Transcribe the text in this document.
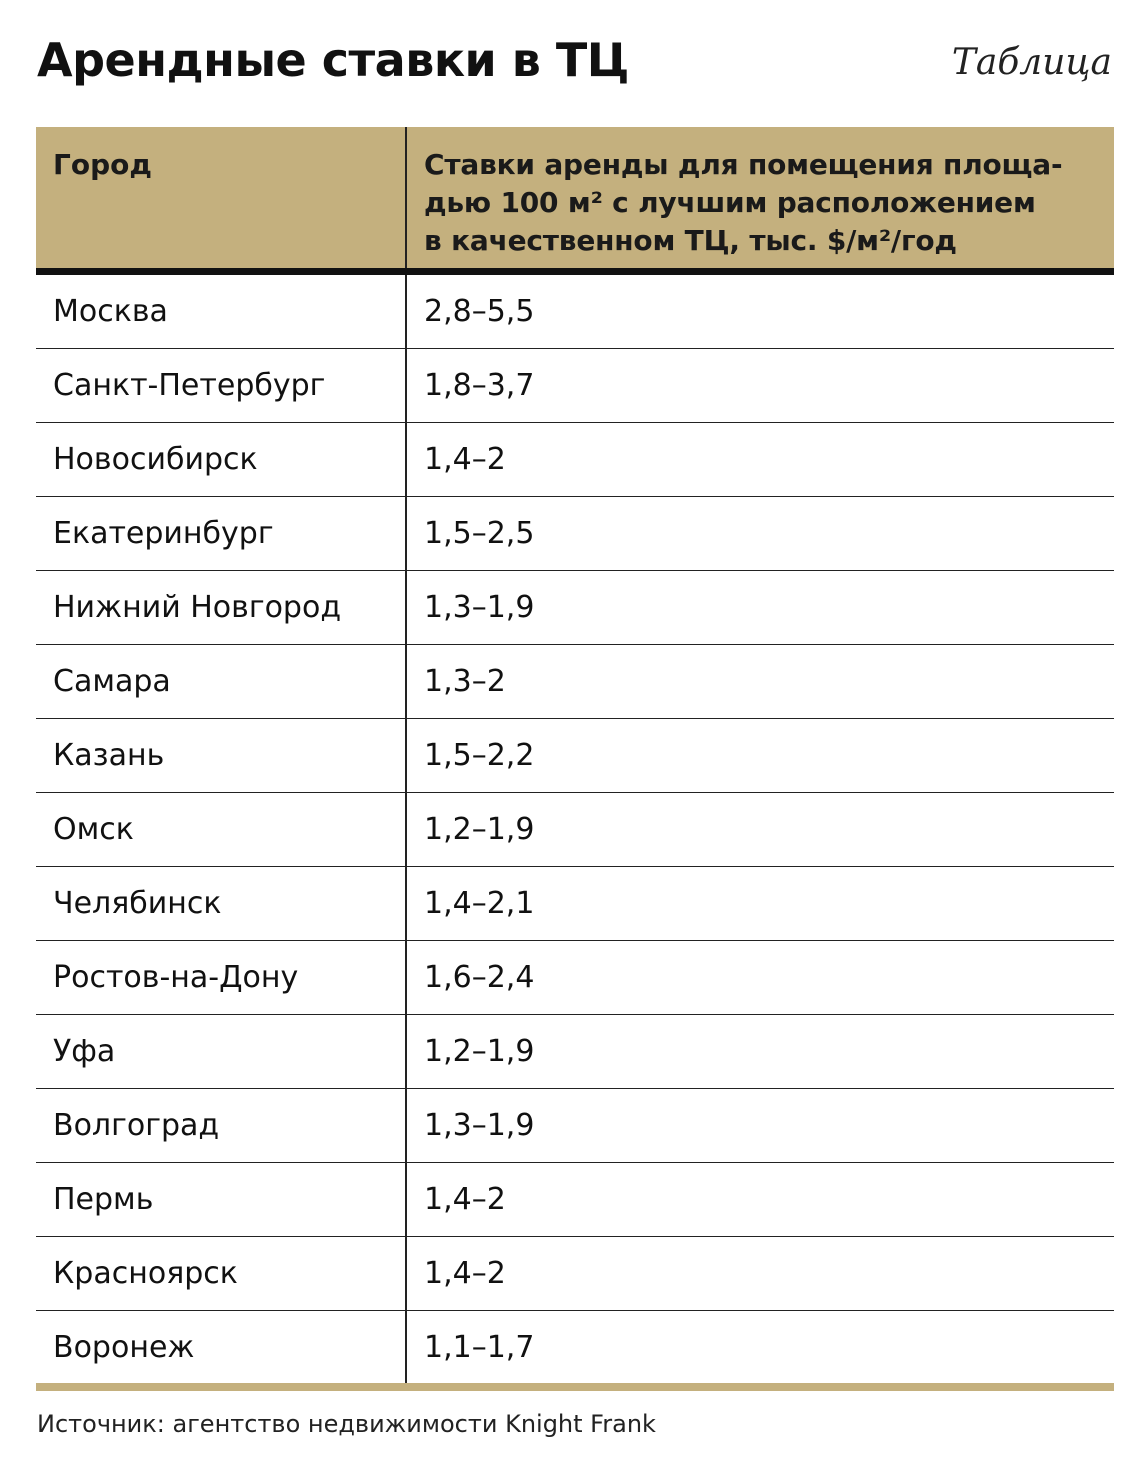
Арендные ставки в ТЦ	Таблица
Город	Ставки аренды для помещения площа-
дью 100 м² с лучшим расположением
в качественном ТЦ, тыс. $/м²/год
Москва	2,8–5,5
Санкт-Петербург	1,8–3,7
Новосибирск	1,4–2
Екатеринбург	1,5–2,5
Нижний Новгород	1,3–1,9
Самара	1,3–2
Казань	1,5–2,2
Омск	1,2–1,9
Челябинск	1,4–2,1
Ростов-на-Дону	1,6–2,4
Уфа	1,2–1,9
Волгоград	1,3–1,9
Пермь	1,4–2
Красноярск	1,4–2
Воронеж	1,1–1,7
Источник: агентство недвижимости Knight Frank
